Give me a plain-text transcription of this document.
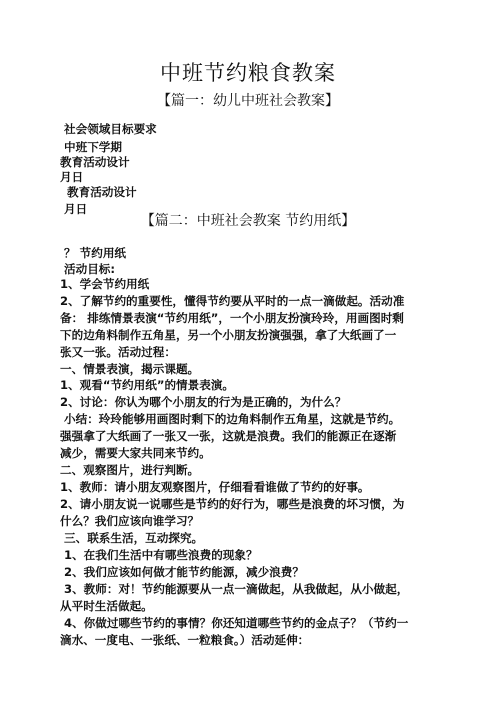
中班节约粮食教案
【篇一：幼儿中班社会教案】
社会领域目标要求
中班下学期
教育活动设计
月日
教育活动设计
月日
【篇二：中班社会教案 节约用纸】
？ 节约用纸
活动目标:
1、学会节约用纸
2、了解节约的重要性，懂得节约要从平时的一点一滴做起。活动准
备： 排练情景表演“节约用纸”，一个小朋友扮演玲玲，用画图时剩
下的边角料制作五角星，另一个小朋友扮演强强，拿了大纸画了一
张又一张。活动过程：
一、情景表演，揭示课题。
1、观看“节约用纸”的情景表演。
2、讨论：你认为哪个小朋友的行为是正确的，为什么？
小结：玲玲能够用画图时剩下的边角料制作五角星，这就是节约。
强强拿了大纸画了一张又一张，这就是浪费。我们的能源正在逐渐
减少，需要大家共同来节约。
二、观察图片，进行判断。
1、教师：请小朋友观察图片，仔细看看谁做了节约的好事。
2、请小朋友说一说哪些是节约的好行为，哪些是浪费的坏习惯，为
什么？我们应该向谁学习？
三、联系生活，互动探究。
1、在我们生活中有哪些浪费的现象？
2、我们应该如何做才能节约能源，减少浪费？
3、教师：对！节约能源要从一点一滴做起，从我做起，从小做起，
从平时生活做起。
4、你做过哪些节约的事情？你还知道哪些节约的金点子？（节约一
滴水、一度电、一张纸、一粒粮食。）活动延伸：
